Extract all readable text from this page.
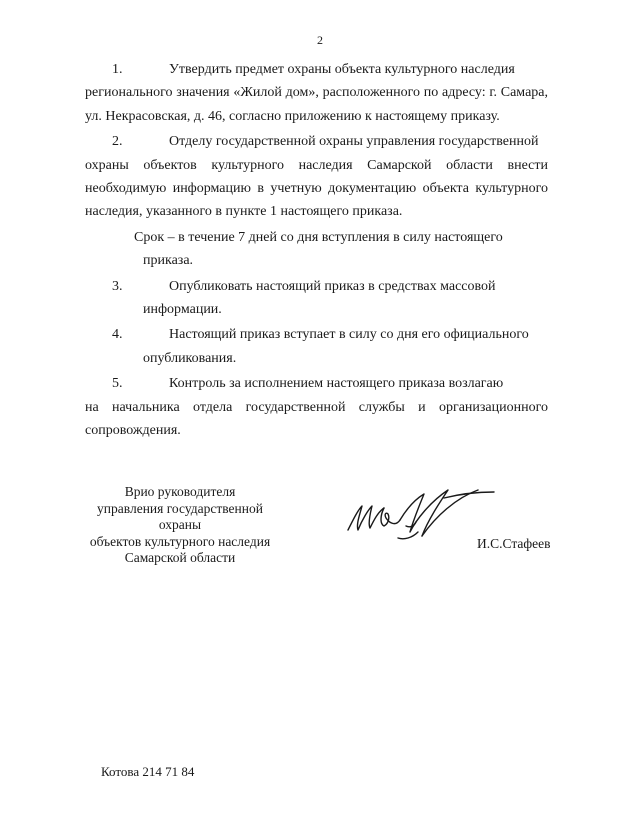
2

1.	Утвердить предмет охраны объекта культурного наследия

регионального значения «Жилой дом», расположенного по адресу: г. Самара, ул. Некрасовская, д. 46, согласно приложению к настоящему приказу.

2.	Отделу государственной охраны управления государственной

охраны объектов культурного наследия Самарской области внести необходимую информацию в учетную документацию объекта культурного наследия, указанного в пункте 1 настоящего приказа.

Срок – в течение 7 дней со дня вступления в силу настоящего

приказа.

3.	Опубликовать настоящий приказ в средствах массовой

информации.

4.	Настоящий приказ вступает в силу со дня его официального

опубликования.

5.	Контроль за исполнением настоящего приказа возлагаю

на начальника отдела государственной службы и организационного сопровождения.

Врио руководителя
управления государственной охраны
объектов культурного наследия
Самарской области
И.С.Стафеев
Котова 214 71 84
